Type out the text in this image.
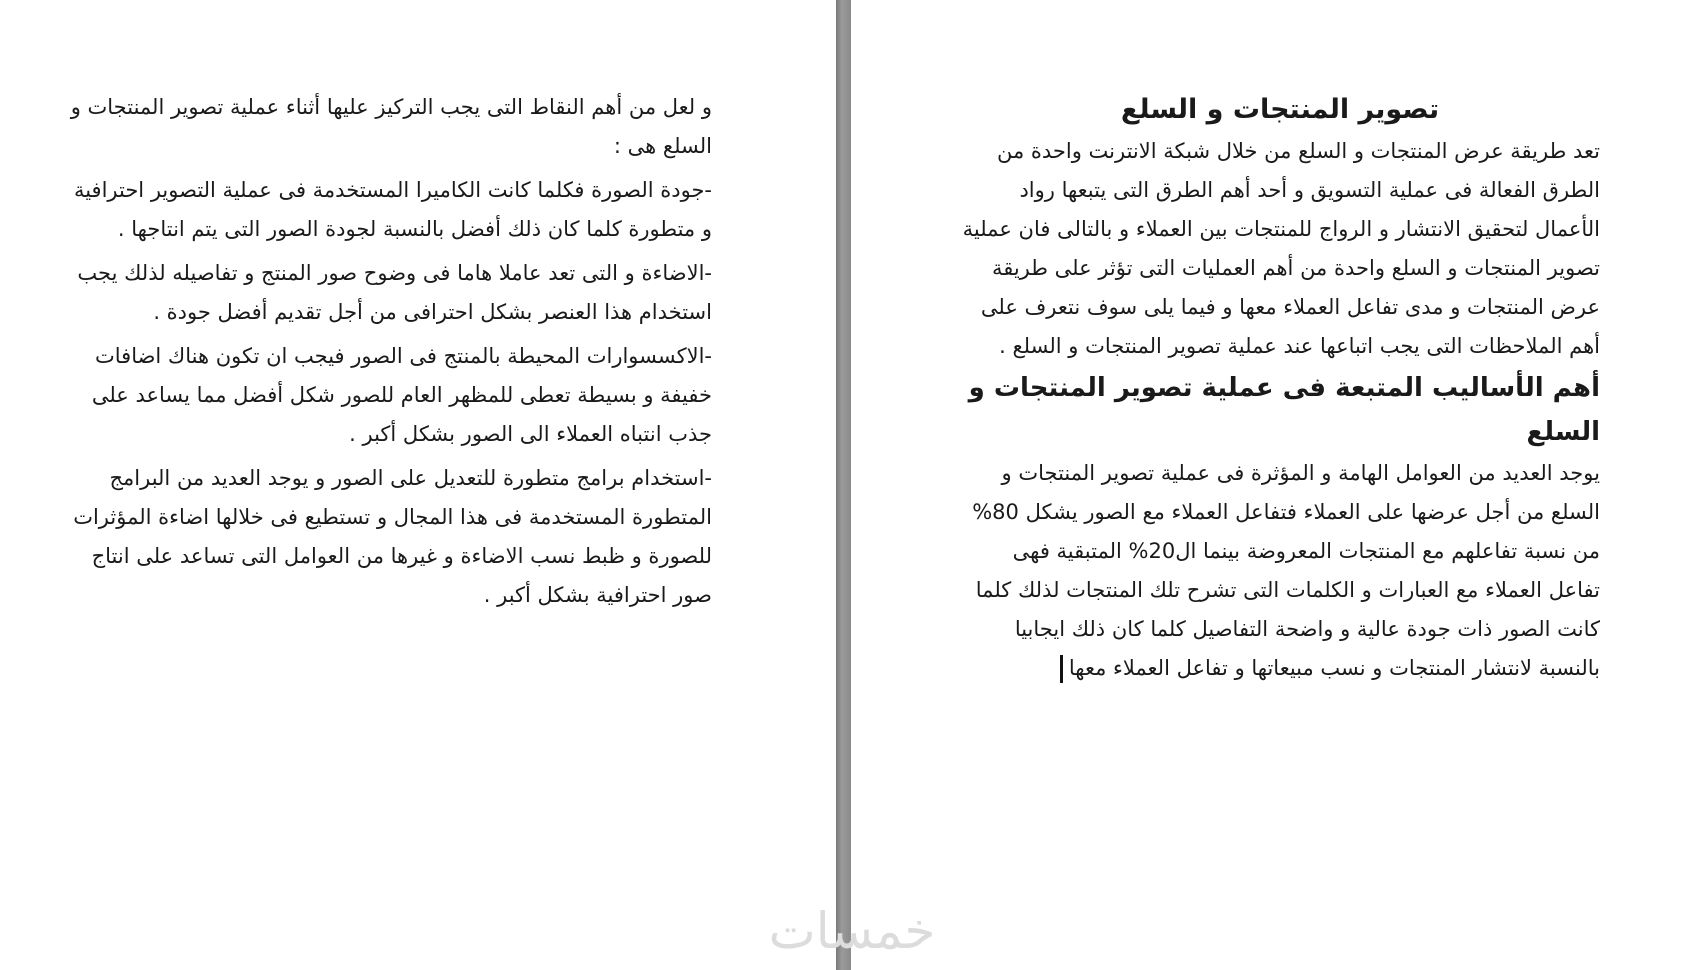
و لعل من أهم النقاط التى يجب التركيز عليها أثناء عملية تصوير المنتجات و السلع هى :

-جودة الصورة فكلما كانت الكاميرا المستخدمة فى عملية التصوير احترافية و متطورة كلما كان ذلك أفضل بالنسبة لجودة الصور التى يتم انتاجها .

-الاضاءة و التى تعد عاملا هاما فى وضوح صور المنتج و تفاصيله لذلك يجب استخدام هذا العنصر بشكل احترافى من أجل تقديم أفضل جودة .

-الاكسسوارات المحيطة بالمنتج فى الصور فيجب ان تكون هناك اضافات خفيفة و بسيطة تعطى للمظهر العام للصور شكل أفضل مما يساعد على جذب انتباه العملاء الى الصور بشكل أكبر .

-استخدام برامج متطورة للتعديل على الصور و يوجد العديد من البرامج المتطورة المستخدمة فى هذا المجال و تستطيع فى خلالها اضاءة المؤثرات للصورة و ظبط نسب الاضاءة و غيرها من العوامل التى تساعد على انتاج صور احترافية بشكل أكبر .

تصوير المنتجات و السلع

تعد طريقة عرض المنتجات و السلع من خلال شبكة الانترنت واحدة من الطرق الفعالة فى عملية التسويق و أحد أهم الطرق التى يتبعها رواد الأعمال لتحقيق الانتشار و الرواج للمنتجات بين العملاء و بالتالى فان عملية تصوير المنتجات و السلع واحدة من أهم العمليات التى تؤثر على طريقة عرض المنتجات و مدى تفاعل العملاء معها و فيما يلى سوف نتعرف على أهم الملاحظات التى يجب اتباعها عند عملية تصوير المنتجات و السلع .

أهم الأساليب المتبعة فى عملية تصوير المنتجات و السلع

يوجد العديد من العوامل الهامة و المؤثرة فى عملية تصوير المنتجات و السلع من أجل عرضها على العملاء فتفاعل العملاء مع الصور يشكل 80% من نسبة تفاعلهم مع المنتجات المعروضة بينما ال20% المتبقية فهى تفاعل العملاء مع العبارات و الكلمات التى تشرح تلك المنتجات لذلك كلما كانت الصور ذات جودة عالية و واضحة التفاصيل كلما كان ذلك ايجابيا بالنسبة لانتشار المنتجات و نسب مبيعاتها و تفاعل العملاء معها

خمسات
